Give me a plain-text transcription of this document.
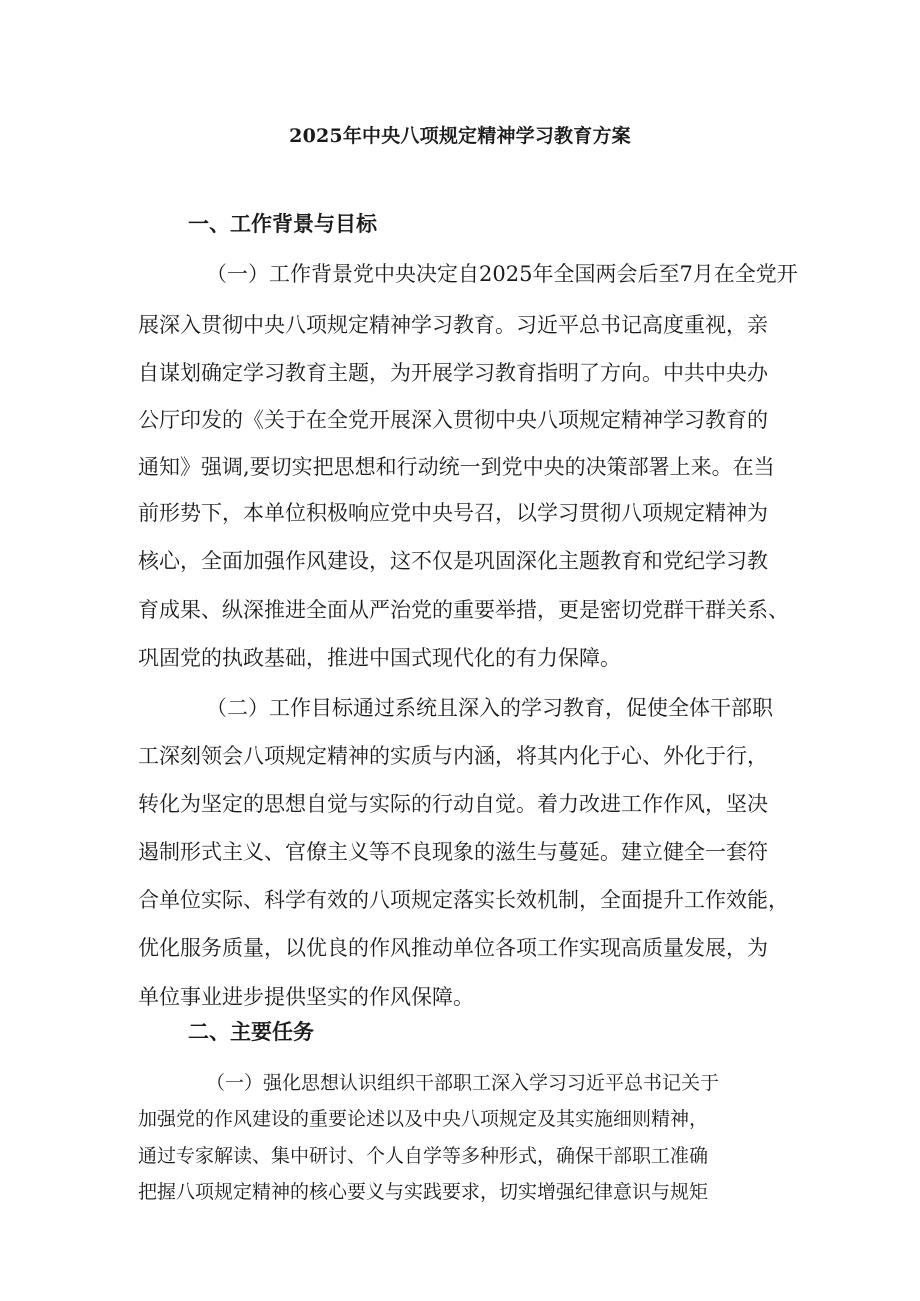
2025年中央八项规定精神学习教育方案
一、工作背景与目标
（一）工作背景党中央决定自2025年全国两会后至7月在全党开
展深入贯彻中央八项规定精神学习教育。习近平总书记高度重视，亲
自谋划确定学习教育主题，为开展学习教育指明了方向。中共中央办
公厅印发的《关于在全党开展深入贯彻中央八项规定精神学习教育的
通知》强调,要切实把思想和行动统一到党中央的决策部署上来。在当
前形势下，本单位积极响应党中央号召，以学习贯彻八项规定精神为
核心，全面加强作风建设，这不仅是巩固深化主题教育和党纪学习教
育成果、纵深推进全面从严治党的重要举措，更是密切党群干群关系、
巩固党的执政基础，推进中国式现代化的有力保障。
（二）工作目标通过系统且深入的学习教育，促使全体干部职
工深刻领会八项规定精神的实质与内涵，将其内化于心、外化于行，
转化为坚定的思想自觉与实际的行动自觉。着力改进工作作风，坚决
遏制形式主义、官僚主义等不良现象的滋生与蔓延。建立健全一套符
合单位实际、科学有效的八项规定落实长效机制，全面提升工作效能，
优化服务质量，以优良的作风推动单位各项工作实现高质量发展，为
单位事业进步提供坚实的作风保障。
二、主要任务
（一）强化思想认识组织干部职工深入学习习近平总书记关于
加强党的作风建设的重要论述以及中央八项规定及其实施细则精神，
通过专家解读、集中研讨、个人自学等多种形式，确保干部职工准确
把握八项规定精神的核心要义与实践要求，切实增强纪律意识与规矩
